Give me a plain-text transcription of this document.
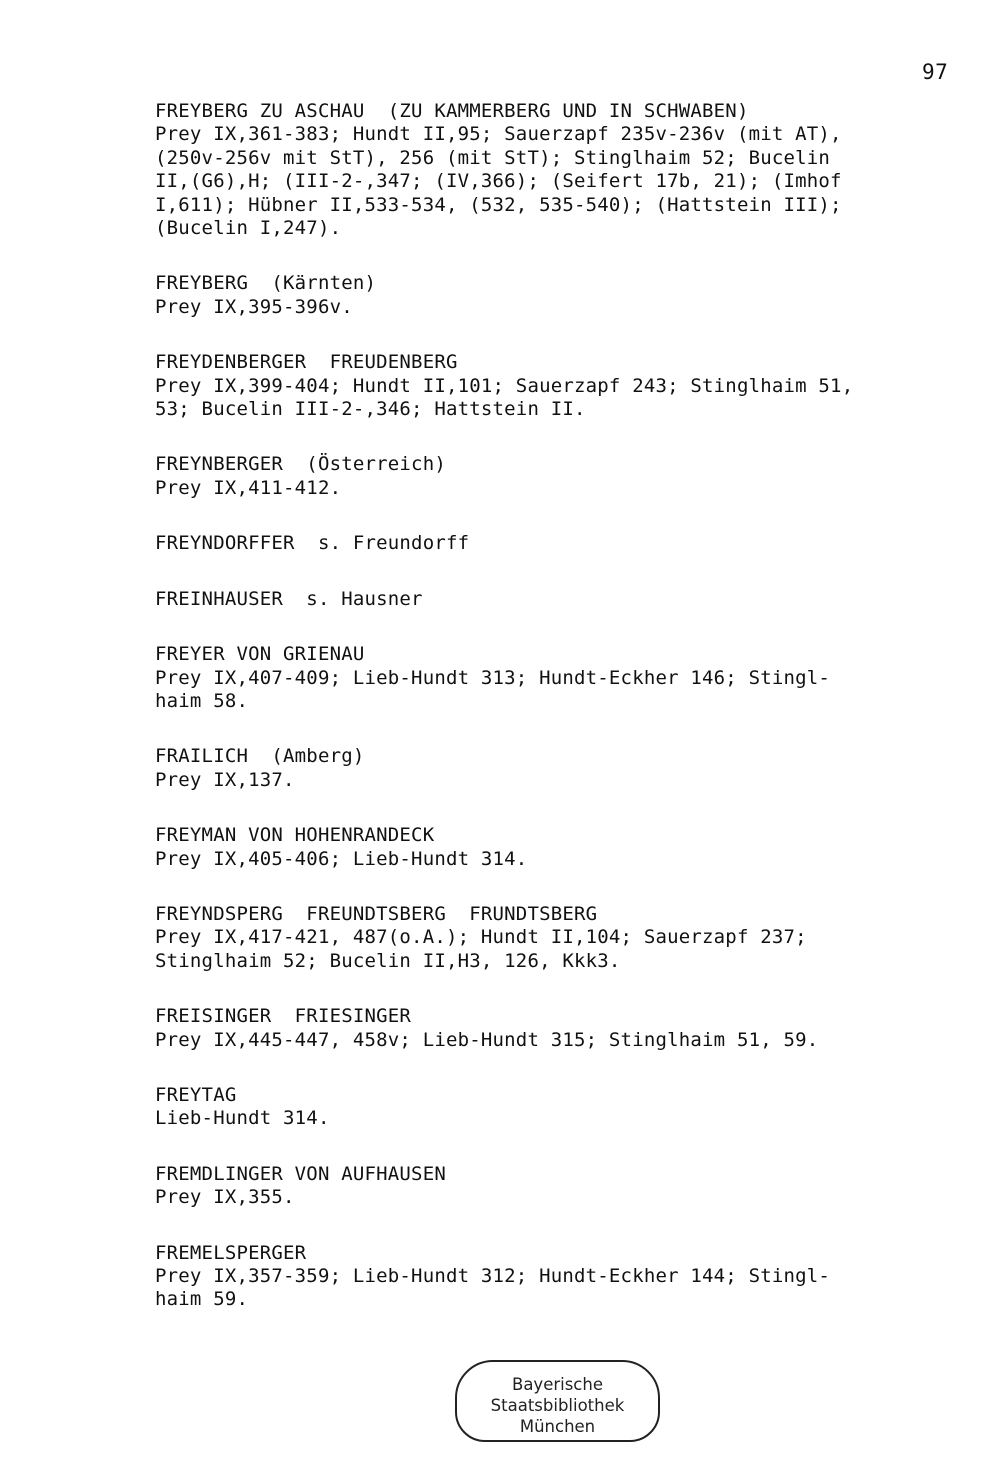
97
FREYBERG ZU ASCHAU  (ZU KAMMERBERG UND IN SCHWABEN)
Prey IX,361-383; Hundt II,95; Sauerzapf 235v-236v (mit AT),
(250v-256v mit StT), 256 (mit StT); Stinglhaim 52; Bucelin
II,(G6),H; (III-2-,347; (IV,366); (Seifert 17b, 21); (Imhof
I,611); Hübner II,533-534, (532, 535-540); (Hattstein III);
(Bucelin I,247).
FREYBERG  (Kärnten)
Prey IX,395-396v.
FREYDENBERGER  FREUDENBERG
Prey IX,399-404; Hundt II,101; Sauerzapf 243; Stinglhaim 51,
53; Bucelin III-2-,346; Hattstein II.
FREYNBERGER  (Österreich)
Prey IX,411-412.
FREYNDORFFER  s. Freundorff
FREINHAUSER  s. Hausner
FREYER VON GRIENAU
Prey IX,407-409; Lieb-Hundt 313; Hundt-Eckher 146; Stingl-
haim 58.
FRAILICH  (Amberg)
Prey IX,137.
FREYMAN VON HOHENRANDECK
Prey IX,405-406; Lieb-Hundt 314.
FREYNDSPERG  FREUNDTSBERG  FRUNDTSBERG
Prey IX,417-421, 487(o.A.); Hundt II,104; Sauerzapf 237;
Stinglhaim 52; Bucelin II,H3, 126, Kkk3.
FREISINGER  FRIESINGER
Prey IX,445-447, 458v; Lieb-Hundt 315; Stinglhaim 51, 59.
FREYTAG
Lieb-Hundt 314.
FREMDLINGER VON AUFHAUSEN
Prey IX,355.
FREMELSPERGER
Prey IX,357-359; Lieb-Hundt 312; Hundt-Eckher 144; Stingl-
haim 59.
Bayerische
Staatsbibliothek
München
